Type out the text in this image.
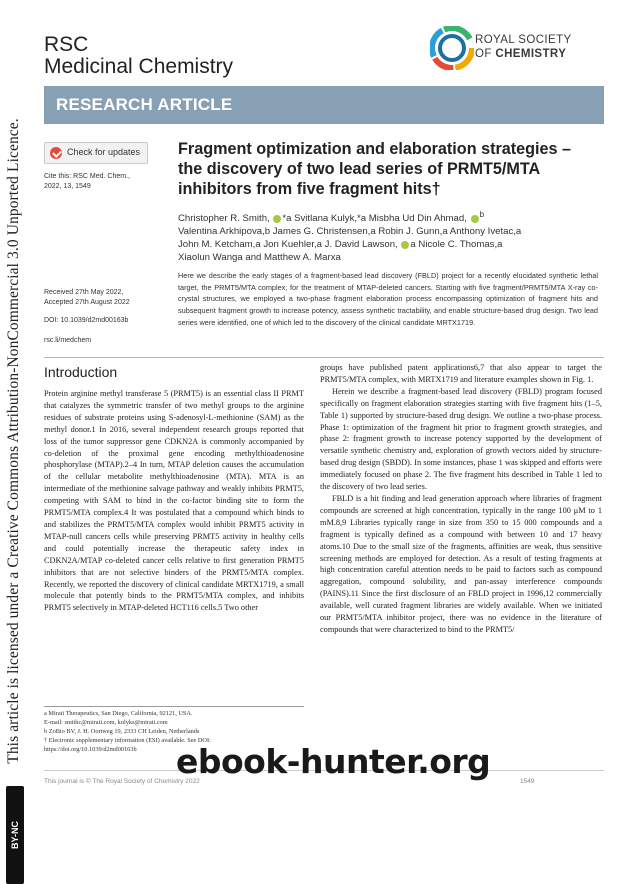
This article is licensed under a Creative Commons Attribution-NonCommercial 3.0 Unported Licence.
BY-NC
RSC
Medicinal Chemistry
ROYAL SOCIETY
OF CHEMISTRY
RESEARCH ARTICLE
Check for updates
Cite this: RSC Med. Chem., 2022, 13, 1549
Received 27th May 2022,
Accepted 27th August 2022
DOI: 10.1039/d2md00163b
rsc.li/medchem
Fragment optimization and elaboration strategies – the discovery of two lead series of PRMT5/MTA inhibitors from five fragment hits†
Christopher R. Smith, *a Svitlana Kulyk,*a Misbha Ud Din Ahmad, $^b$
Valentina Arkhipova,b James G. Christensen,a Robin J. Gunn,a Anthony Ivetac,a
John M. Ketcham,a Jon Kuehler,a J. David Lawson, a Nicole C. Thomas,a
Xiaolun Wanga and Matthew A. Marxa
Here we describe the early stages of a fragment-based lead discovery (FBLD) project for a recently elucidated synthetic lethal target, the PRMT5/MTA complex, for the treatment of MTAP-deleted cancers. Starting with five fragment/PRMT5/MTA X-ray co-crystal structures, we employed a two-phase fragment elaboration process encompassing optimization of fragment hits and subsequent fragment growth to increase potency, assess synthetic tractability, and enable structure-based drug design. Two lead series were identified, one of which led to the discovery of the clinical candidate MRTX1719.
Introduction

Protein arginine methyl transferase 5 (PRMT5) is an essential class II PRMT that catalyzes the symmetric transfer of two methyl groups to the arginine residues of substrate proteins using S-adenosyl-L-methionine (SAM) as the methyl donor.1 In 2016, several independent research groups reported that loss of the tumor suppressor gene CDKN2A is commonly accompanied by co-deletion of the proximal gene encoding methylthioadenosine phosphorylase (MTAP).2–4 In turn, MTAP deletion causes the accumulation of the cellular metabolite methylthioadenosine (MTA). MTA is an intermediate of the methionine salvage pathway and weakly inhibits PRMT5, competing with SAM to bind in the co-factor binding site to form the PRMT5/MTA complex.4 It was postulated that a compound which binds to and stabilizes the PRMT5/MTA complex would inhibit PRMT5 activity in MTAP-null cancers cells while preserving PRMT5 activity in healthy cells and could potentially increase the therapeutic safety index in CDKN2A/MTAP co-deleted cancer cells relative to first generation PRMT5 inhibitors that are not selective binders of the PRMT5/MTA complex. Recently, we reported the discovery of clinical candidate MRTX1719, a small molecule that potently binds to the PRMT5/MTA complex, and inhibits PRMT5 selectively in MTAP-deleted HCT116 cells.5 Two other

groups have published patent applications6,7 that also appear to target the PRMT5/MTA complex, with MRTX1719 and literature examples shown in Fig. 1.

Herein we describe a fragment-based lead discovery (FBLD) program focused specifically on fragment elaboration strategies starting with five fragment hits (1–5, Table 1) supported by structure-based drug design. We outline a two-phase process. Phase 1: optimization of the fragment hit prior to fragment growth strategies, and phase 2: fragment growth to increase potency supported by the development of versatile synthetic chemistry and, exploration of growth vectors aided by structure-based drug design (SBDD). In some instances, phase 1 was skipped and efforts were immediately focused on phase 2. The five fragment hits described in Table 1 led to the discovery of two lead series.

FBLD is a hit finding and lead generation approach where libraries of fragment compounds are screened at high concentration, typically in the range 100 μM to 1 mM.8,9 Libraries typically range in size from 350 to 15 000 compounds and a fragment is typically defined as a compound with between 10 and 17 heavy atoms.10 Due to the small size of the fragments, affinities are weak, thus sensitive screening methods are employed for detection. As a result of testing fragments at high concentration careful attention needs to be paid to factors such as compound aggregation, compound solubility, and pan-assay interference compounds (PAINS).11 Since the first disclosure of an FBLD project in 1996,12 commercially available, well curated fragment libraries are widely available. When we initiated our PRMT5/MTA inhibitor project, there was no evidence in the literature of compounds that were characterized to bind to the PRMT5/

a Mirati Therapeutics, San Diego, California, 92121, USA.
E-mail: smithc@mirati.com, kulyks@mirati.com
b ZoBio BV, J. H. Oortweg 19, 2333 CH Leiden, Netherlands
† Electronic supplementary information (ESI) available. See DOI: https://doi.org/10.1039/d2md00163b
This journal is © The Royal Society of Chemistry 2022	1549
ebook-hunter.org
